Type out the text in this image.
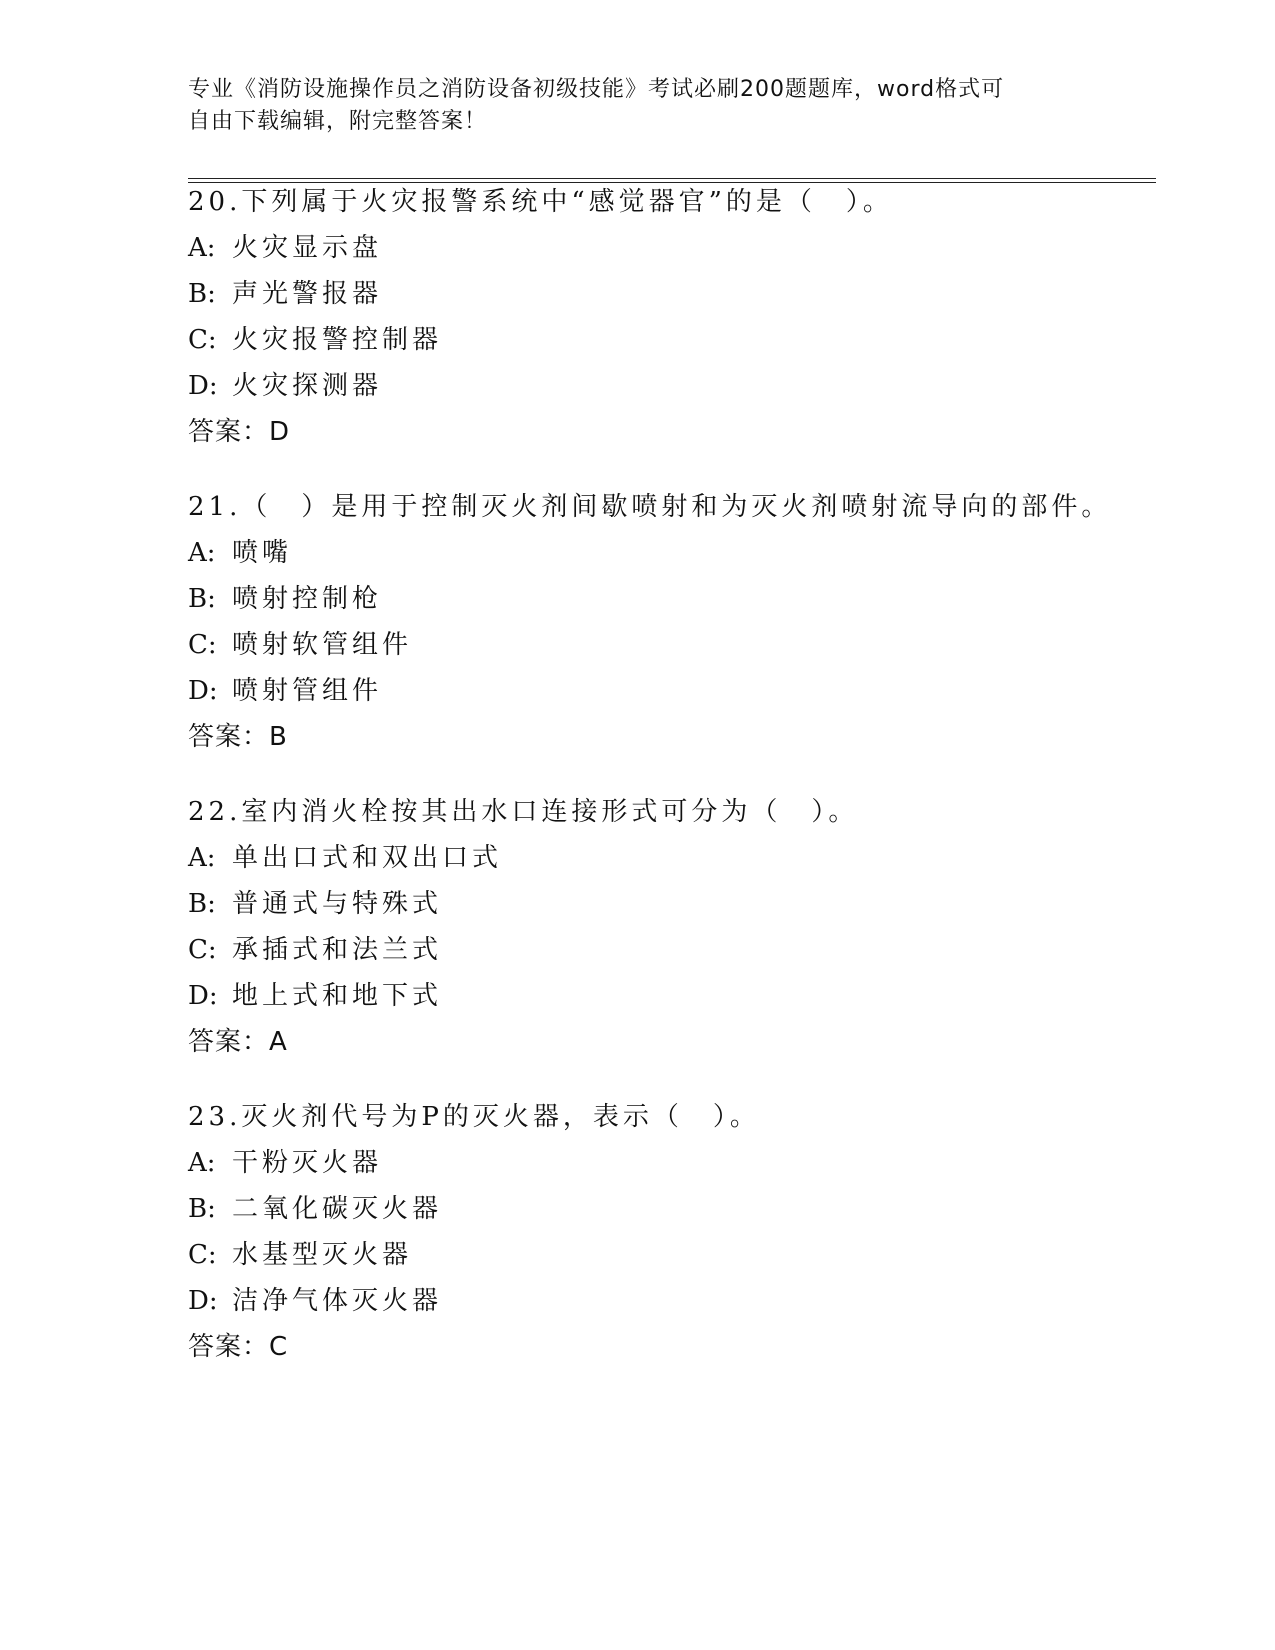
专业《消防设施操作员之消防设备初级技能》考试必刷200题题库，word格式可
自由下载编辑，附完整答案！
20.下列属于火灾报警系统中“感觉器官”的是（　）。
A: 火灾显示盘
B: 声光警报器
C: 火灾报警控制器
D: 火灾探测器
答案：D
21.（　）是用于控制灭火剂间歇喷射和为灭火剂喷射流导向的部件。
A: 喷嘴
B: 喷射控制枪
C: 喷射软管组件
D: 喷射管组件
答案：B
22.室内消火栓按其出水口连接形式可分为（　）。
A: 单出口式和双出口式
B: 普通式与特殊式
C: 承插式和法兰式
D: 地上式和地下式
答案：A
23.灭火剂代号为P的灭火器，表示（　）。
A: 干粉灭火器
B: 二氧化碳灭火器
C: 水基型灭火器
D: 洁净气体灭火器
答案：C
